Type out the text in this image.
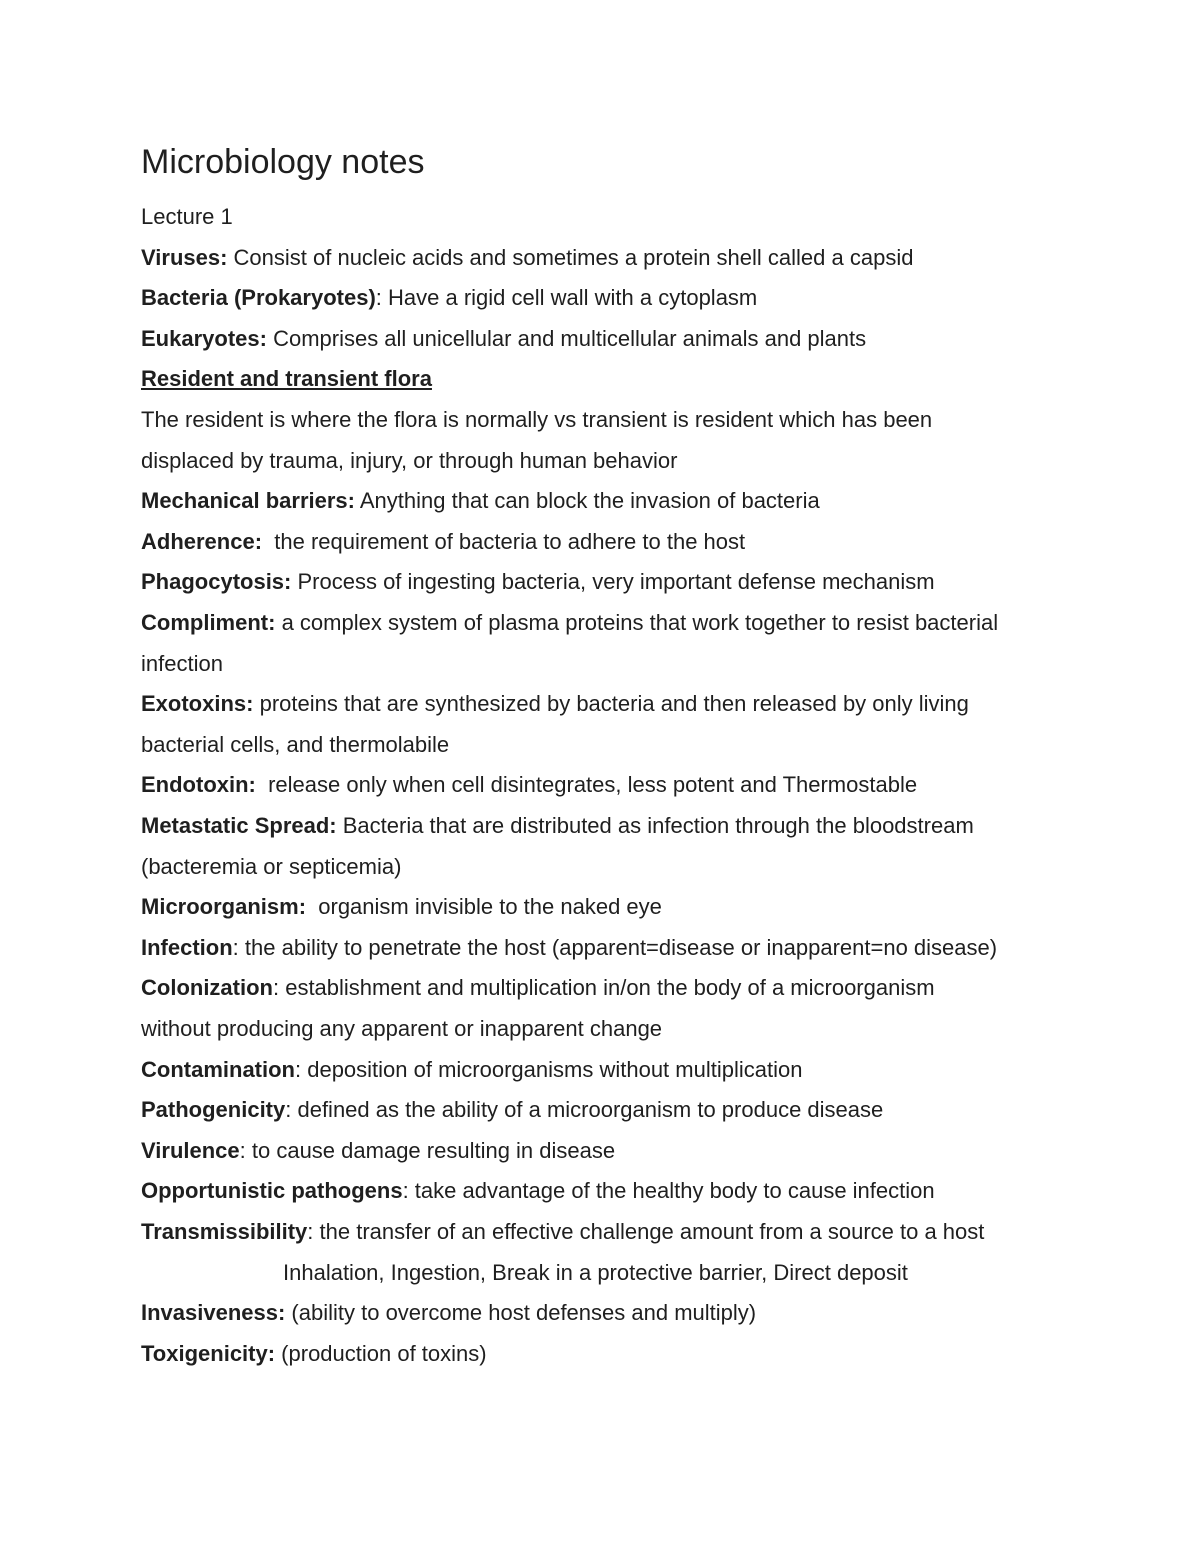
Microbiology notes
Lecture 1
Viruses: Consist of nucleic acids and sometimes a protein shell called a capsid
Bacteria (Prokaryotes): Have a rigid cell wall with a cytoplasm
Eukaryotes: Comprises all unicellular and multicellular animals and plants
Resident and transient flora
The resident is where the flora is normally vs transient is resident which has been
displaced by trauma, injury, or through human behavior
Mechanical barriers: Anything that can block the invasion of bacteria
Adherence:  the requirement of bacteria to adhere to the host
Phagocytosis: Process of ingesting bacteria, very important defense mechanism
Compliment: a complex system of plasma proteins that work together to resist bacterial
infection
Exotoxins: proteins that are synthesized by bacteria and then released by only living
bacterial cells, and thermolabile
Endotoxin:  release only when cell disintegrates, less potent and Thermostable
Metastatic Spread: Bacteria that are distributed as infection through the bloodstream
(bacteremia or septicemia)
Microorganism:  organism invisible to the naked eye
Infection: the ability to penetrate the host (apparent=disease or inapparent=no disease)
Colonization: establishment and multiplication in/on the body of a microorganism
without producing any apparent or inapparent change
Contamination: deposition of microorganisms without multiplication
Pathogenicity: defined as the ability of a microorganism to produce disease
Virulence: to cause damage resulting in disease
Opportunistic pathogens: take advantage of the healthy body to cause infection
Transmissibility: the transfer of an effective challenge amount from a source to a host
Inhalation, Ingestion, Break in a protective barrier, Direct deposit
Invasiveness: (ability to overcome host defenses and multiply)
Toxigenicity: (production of toxins)
